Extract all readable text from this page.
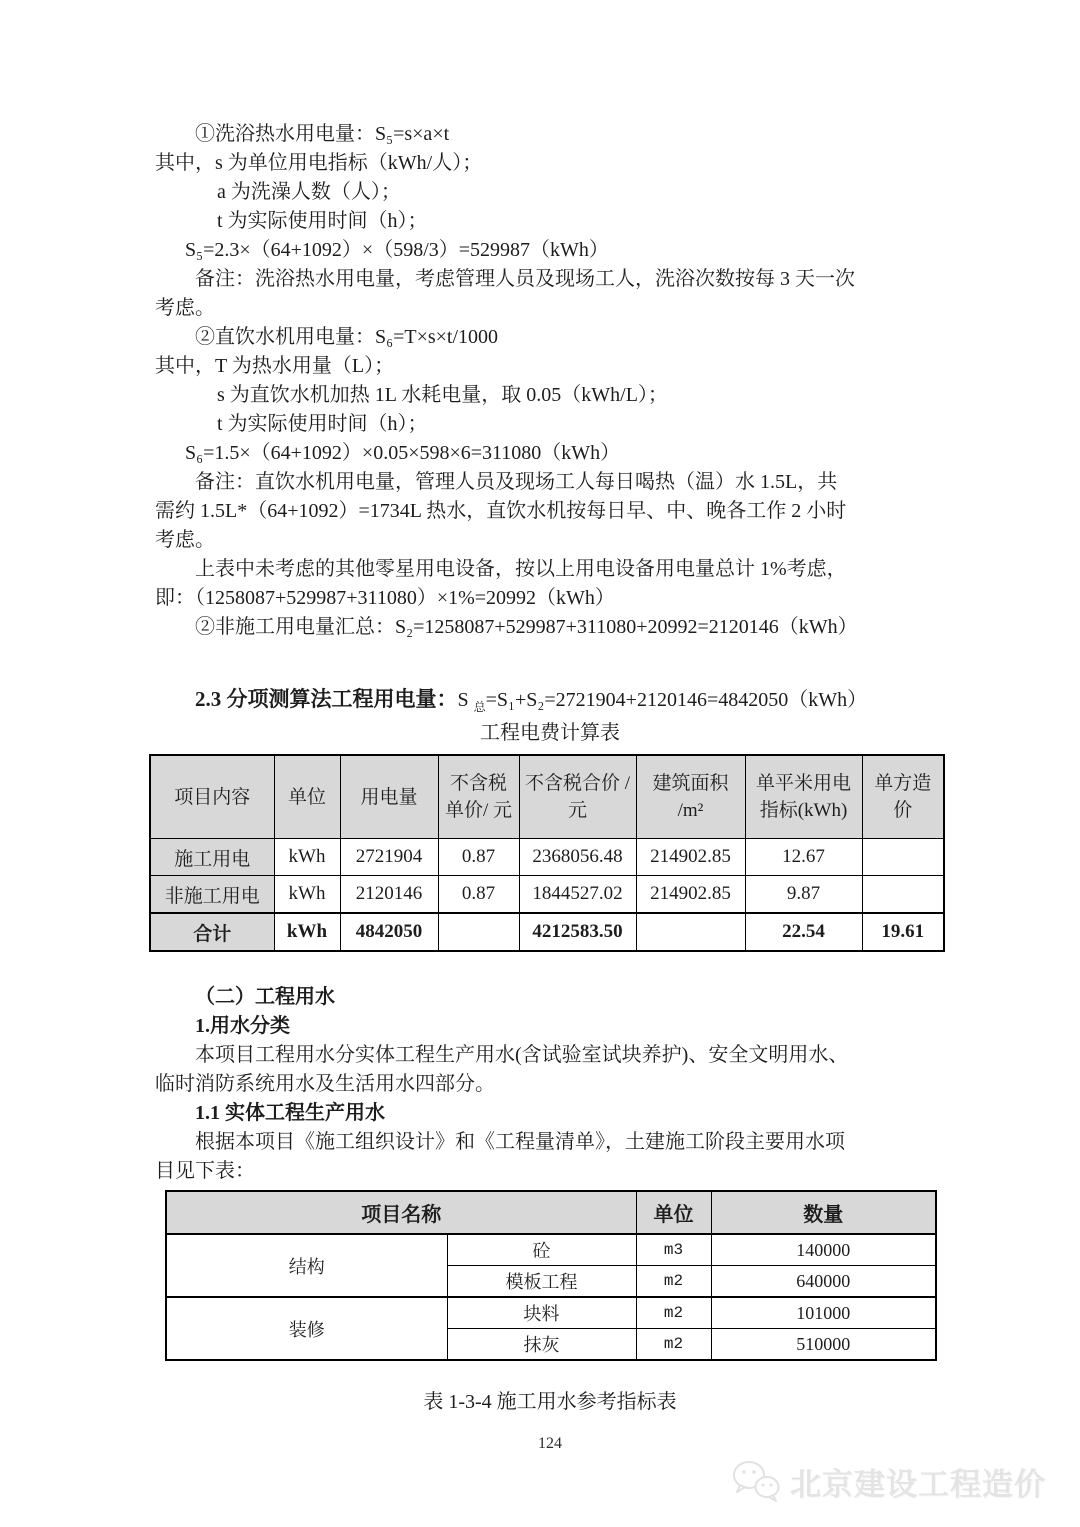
①洗浴热水用电量：S₅=s×a×t
其中，s 为单位用电指标（kWh/人）；
a 为洗澡人数（人）；
t 为实际使用时间（h）；
S₅=2.3×（64+1092）×（598/3）=529987（kWh）
备注：洗浴热水用电量，考虑管理人员及现场工人，洗浴次数按每 3 天一次
考虑。
②直饮水机用电量：S₆=T×s×t/1000
其中，T 为热水用量（L）；
s 为直饮水机加热 1L 水耗电量，取 0.05（kWh/L）；
t 为实际使用时间（h）；
S₆=1.5×（64+1092）×0.05×598×6=311080（kWh）
备注：直饮水机用电量，管理人员及现场工人每日喝热（温）水 1.5L，共
需约 1.5L*（64+1092）=1734L 热水，直饮水机按每日早、中、晚各工作 2 小时
考虑。
上表中未考虑的其他零星用电设备，按以上用电设备用电量总计 1%考虑，
即：（1258087+529987+311080）×1%=20992（kWh）
②非施工用电量汇总：S₂=1258087+529987+311080+20992=2120146（kWh）
2.3 分项测算法工程用电量：S $_总$=S₁+S₂=2721904+2120146=4842050（kWh）
工程电费计算表
项目内容	单位	用电量	不含税 单价/ 元	不含税合价 /元	建筑面积 /m²	单平米用电 指标(kWh)	单方造 价
施工用电	kWh	2721904	0.87	2368056.48	214902.85	12.67	
非施工用电	kWh	2120146	0.87	1844527.02	214902.85	9.87	
合计	kWh	4842050		4212583.50		22.54	19.61
（二）工程用水
1.用水分类
本项目工程用水分实体工程生产用水(含试验室试块养护)、安全文明用水、
临时消防系统用水及生活用水四部分。
1.1 实体工程生产用水
根据本项目《施工组织设计》和《工程量清单》，土建施工阶段主要用水项
目见下表：
项目名称		单位	数量
结构	砼	m3	140000
	模板工程	m2	640000
装修	块料	m2	101000
	抹灰	m2	510000
表 1-3-4 施工用水参考指标表
124
北京建设工程造价
